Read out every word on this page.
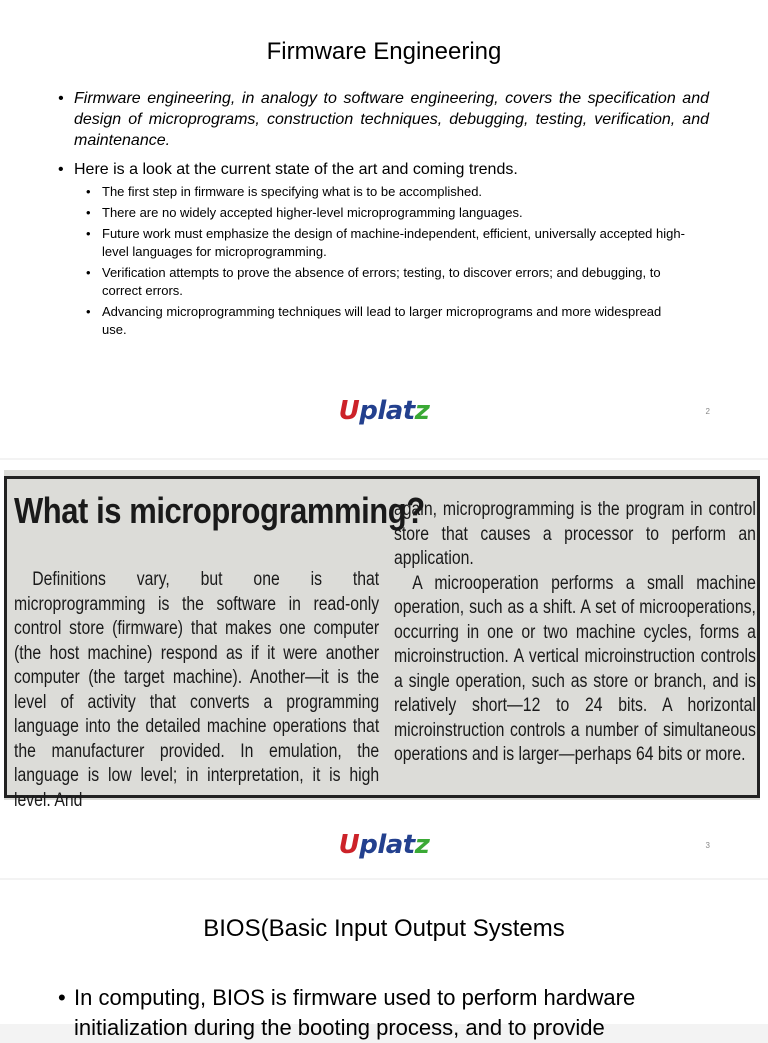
Firmware Engineering
• Firmware engineering, in analogy to software engineering, covers the specification and design of microprograms, construction techniques, debugging, testing, verification, and maintenance.
• Here is a look at the current state of the art and coming trends.
• The first step in firmware is specifying what is to be accomplished.
• There are no widely accepted higher-level microprogramming languages.
• Future work must emphasize the design of machine-independent, efficient, universally accepted high-level languages for microprogramming.
• Verification attempts to prove the absence of errors; testing, to discover errors; and debugging, to correct errors.
• Advancing microprogramming techniques will lead to larger microprograms and more widespread use.
Uplatz	2
What is microprogramming?

Definitions vary, but one is that microprogramming is the software in read-only control store (firmware) that makes one computer (the host machine) respond as if it were another computer (the target machine). Another—it is the level of activity that converts a programming language into the detailed machine operations that the manufacturer provided. In emulation, the language is low level; in interpretation, it is high level. And

again, microprogramming is the program in control store that causes a processor to perform an application.

A microoperation performs a small machine operation, such as a shift. A set of microoperations, occurring in one or two machine cycles, forms a microinstruction. A vertical microinstruction controls a single operation, such as store or branch, and is relatively short—12 to 24 bits. A horizontal microinstruction controls a number of simultaneous operations and is larger—perhaps 64 bits or more.

Uplatz	3
BIOS(Basic Input Output Systems
• In computing, BIOS is firmware used to perform hardware initialization during the booting process, and to provide
